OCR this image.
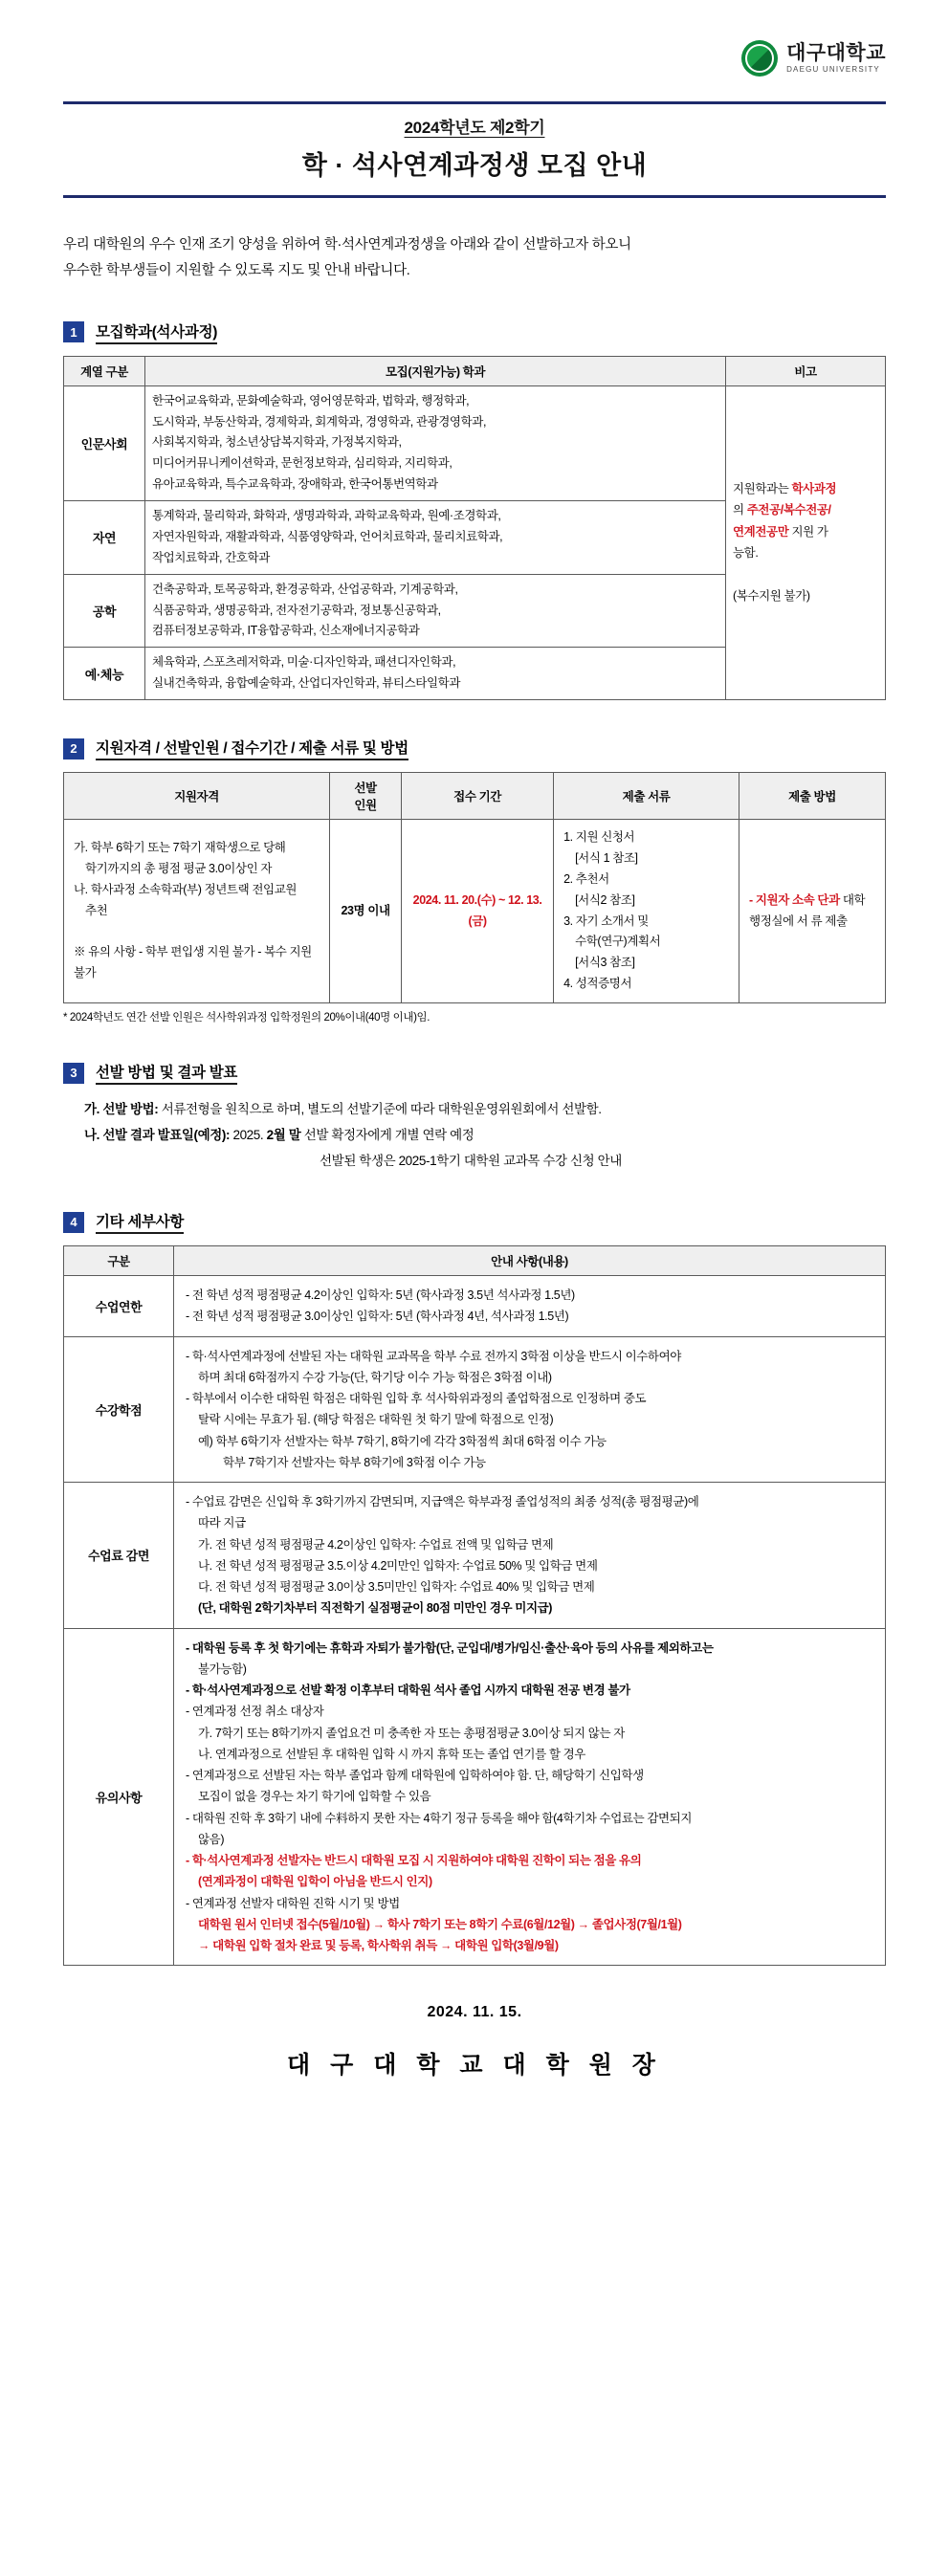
대구대학교
DAEGU UNIVERSITY
2024학년도 제2학기
학 · 석사연계과정생 모집 안내
우리 대학원의 우수 인재 조기 양성을 위하여 학·석사연계과정생을 아래와 같이 선발하고자 하오니
우수한 학부생들이 지원할 수 있도록 지도 및 안내 바랍니다.
1	모집학과(석사과정)
계열 구분	모집(지원가능) 학과	비고
인문사회	한국어교육학과, 문화예술학과, 영어영문학과, 법학과, 행정학과,
도시학과, 부동산학과, 경제학과, 회계학과, 경영학과, 관광경영학과,
사회복지학과, 청소년상담복지학과, 가정복지학과,
미디어커뮤니케이션학과, 문헌정보학과, 심리학과, 지리학과,
유아교육학과, 특수교육학과, 장애학과, 한국어통번역학과	지원학과는 학사과정
의 주전공/복수전공/
연계전공만 지원 가
능함.

(복수지원 불가)
자연	통계학과, 물리학과, 화학과, 생명과학과, 과학교육학과, 원예·조경학과,
자연자원학과, 재활과학과, 식품영양학과, 언어치료학과, 물리치료학과,
작업치료학과, 간호학과	
공학	건축공학과, 토목공학과, 환경공학과, 산업공학과, 기계공학과,
식품공학과, 생명공학과, 전자전기공학과, 정보통신공학과,
컴퓨터정보공학과, IT융합공학과, 신소재에너지공학과	
예·체능	체육학과, 스포츠레저학과, 미술·디자인학과, 패션디자인학과,
실내건축학과, 융합예술학과, 산업디자인학과, 뷰티스타일학과	
2	지원자격 / 선발인원 / 접수기간 / 제출 서류 및 방법
지원자격	선발
인원	접수 기간	제출 서류	제출 방법
가. 학부 6학기 또는 7학기 재학생으로 당해
학기까지의 총 평점 평균 3.0이상인 자
나. 학사과정 소속학과(부) 정년트랙 전임교원
추천

※ 유의 사항 - 학부 편입생 지원 불가 - 복수 지원 불가	23명 이내	2024. 11. 20.(수) ~ 12. 13.(금)	1. 지원 신청서
[서식 1 참조]
2. 추천서
[서식2 참조]
3. 자기 소개서 및
수학(연구)계획서
[서식3 참조]
4. 성적증명서	- 지원자 소속 단과 대학 행정실에 서 류 제출
* 2024학년도 연간 선발 인원은 석사학위과정 입학정원의 20%이내(40명 이내)임.
3	선발 방법 및 결과 발표
가. 선발 방법: 서류전형을 원칙으로 하며, 별도의 선발기준에 따라 대학원운영위원회에서 선발함.
나. 선발 결과 발표일(예정): 2025. 2월 말 선발 확정자에게 개별 연락 예정
선발된 학생은 2025-1학기 대학원 교과목 수강 신청 안내
4	기타 세부사항
구분	안내 사항(내용)
수업연한	- 전 학년 성적 평점평균 4.2이상인 입학자: 5년 (학사과정 3.5년 석사과정 1.5년)
- 전 학년 성적 평점평균 3.0이상인 입학자: 5년 (학사과정 4년, 석사과정 1.5년)

수강학점	
- 학·석사연계과정에 선발된 자는 대학원 교과목을 학부 수료 전까지 3학점 이상을 반드시 이수하여야
하며 최대 6학점까지 수강 가능(단, 학기당 이수 가능 학점은 3학점 이내)
- 학부에서 이수한 대학원 학점은 대학원 입학 후 석사학위과정의 졸업학점으로 인정하며 중도
탈락 시에는 무효가 됨. (해당 학점은 대학원 첫 학기 말에 학점으로 인정)
예) 학부 6학기자 선발자는 학부 7학기, 8학기에 각각 3학점씩 최대 6학점 이수 가능
학부 7학기자 선발자는 학부 8학기에 3학점 이수 가능

수업료 감면	
- 수업료 감면은 신입학 후 3학기까지 감면되며, 지급액은 학부과정 졸업성적의 최종 성적(총 평점평균)에
따라 지급
가. 전 학년 성적 평점평균 4.2이상인 입학자: 수업료 전액 및 입학금 면제
나. 전 학년 성적 평점평균 3.5.이상 4.2미만인 입학자: 수업료 50% 및 입학금 면제
다. 전 학년 성적 평점평균 3.0이상 3.5미만인 입학자: 수업료 40% 및 입학금 면제
(단, 대학원 2학기차부터 직전학기 실점평균이 80점 미만인 경우 미지급)

유의사항	
- 대학원 등록 후 첫 학기에는 휴학과 자퇴가 불가함(단, 군입대/병가/임신·출산·육아 등의 사유를 제외하고는
불가능함)
- 학·석사연계과정으로 선발 확정 이후부터 대학원 석사 졸업 시까지 대학원 전공 변경 불가
- 연계과정 선정 취소 대상자
가. 7학기 또는 8학기까지 졸업요건 미 충족한 자 또는 총평점평균 3.0이상 되지 않는 자
나. 연계과정으로 선발된 후 대학원 입학 시 까지 휴학 또는 졸업 연기를 할 경우
- 연계과정으로 선발된 자는 학부 졸업과 함께 대학원에 입학하여야 함. 단, 해당학기 신입학생
모집이 없을 경우는 차기 학기에 입학할 수 있음
- 대학원 진학 후 3학기 내에 수料하지 못한 자는 4학기 정규 등록을 해야 함(4학기차 수업료는 감면되지
않음)
- 학·석사연계과정 선발자는 반드시 대학원 모집 시 지원하여야 대학원 진학이 되는 점을 유의
(연계과정이 대학원 입학이 아님을 반드시 인지)
- 연계과정 선발자 대학원 진학 시기 및 방법
대학원 원서 인터넷 접수(5월/10월) → 학사 7학기 또는 8학기 수료(6월/12월) → 졸업사정(7월/1월)
→ 대학원 입학 절차 완료 및 등록, 학사학위 취득 → 대학원 입학(3월/9월)
2024. 11. 15.
대 구 대 학 교 대 학 원 장
